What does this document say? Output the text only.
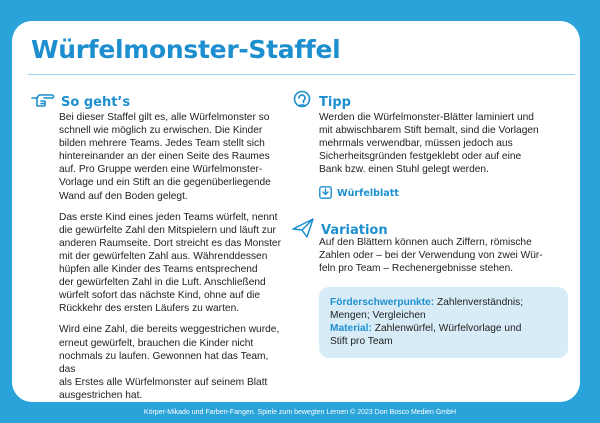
Würfelmonster-Staffel
So geht’s

Bei dieser Staffel gilt es, alle Würfelmonster so
schnell wie möglich zu erwischen. Die Kinder
bilden mehrere Teams. Jedes Team stellt sich
hintereinander an der einen Seite des Raumes
auf. Pro Gruppe werden eine Würfelmonster-
Vorlage und ein Stift an die gegenüberliegende
Wand auf den Boden gelegt.

Das erste Kind eines jeden Teams würfelt, nennt
die gewürfelte Zahl den Mitspielern und läuft zur
anderen Raumseite. Dort streicht es das Monster
mit der gewürfelten Zahl aus. Währenddessen
hüpfen alle Kinder des Teams entsprechend
der gewürfelten Zahl in die Luft. Anschließend
würfelt sofort das nächste Kind, ohne auf die
Rückkehr des ersten Läufers zu warten.

Wird eine Zahl, die bereits weggestrichen wurde,
erneut gewürfelt, brauchen die Kinder nicht
nochmals zu laufen. Gewonnen hat das Team, das
als Erstes alle Würfelmonster auf seinem Blatt
ausgestrichen hat.

Tipp

Werden die Würfelmonster-Blätter laminiert und
mit abwischbarem Stift bemalt, sind die Vorlagen
mehrmals verwendbar, müssen jedoch aus
Sicherheitsgründen festgeklebt oder auf eine
Bank bzw. einen Stuhl gelegt werden.

Würfelblatt
Variation

Auf den Blättern können auch Ziffern, römische
Zahlen oder – bei der Verwendung von zwei Wür-
feln pro Team – Rechenergebnisse stehen.

Förderschwerpunkte: Zahlenverständnis;
Mengen; Vergleichen
Material: Zahlenwürfel, Würfelvorlage und
Stift pro Team
Körper-Mikado und Farben-Fangen. Spiele zum bewegten Lernen © 2023 Don Bosco Medien GmbH
